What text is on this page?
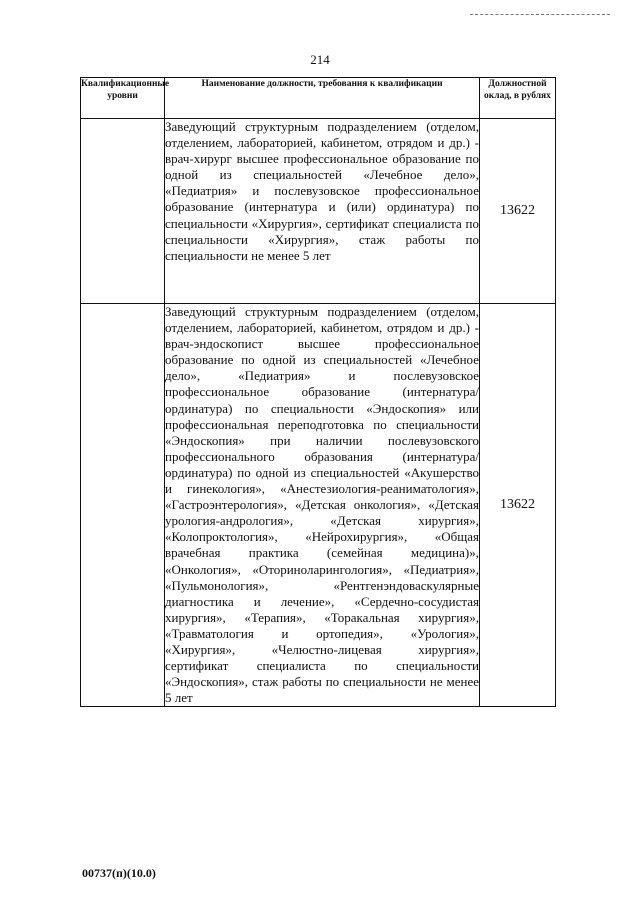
214
Квалификационные уровни	Наименование должности, требования к квалификации	Должностной оклад, в рублях
	Заведующий структурным подразделением (отделом, отделением, лабораторией, кабинетом, отрядом и др.) - врач-хирург высшее профессиональное образование по одной из специальностей «Лечебное дело», «Педиатрия» и послевузовское профессиональное образование (интернатура и (или) ординатура) по специальности «Хирургия», сертификат специалиста по специальности «Хирургия», стаж работы по специальности не менее 5 лет	13622
	Заведующий структурным подразделением (отделом, отделением, лабораторией, кабинетом, отрядом и др.) - врач-эндоскопист высшее профессиональное образование по одной из специальностей «Лечебное дело», «Педиатрия» и послевузовское профессиональное образование (интернатура/ординатура) по специальности «Эндоскопия» или профессиональная переподготовка по специальности «Эндоскопия» при наличии послевузовского профессионального образования (интернатура/ординатура) по одной из специальностей «Акушерство и гинекология», «Анестезиология-реаниматология», «Гастроэнтерология», «Детская онкология», «Детская урология-андрология», «Детская хирургия», «Колопроктология», «Нейрохирургия», «Общая врачебная практика (семейная медицина)», «Онкология», «Оториноларингология», «Педиатрия», «Пульмонология», «Рентгенэндоваскулярные диагностика и лечение», «Сердечно-сосудистая хирургия», «Терапия», «Торакальная хирургия», «Травматология и ортопедия», «Урология», «Хирургия», «Челюстно-лицевая хирургия», сертификат специалиста по специальности «Эндоскопия», стаж работы по специальности не менее 5 лет	13622
00737(п)(10.0)
